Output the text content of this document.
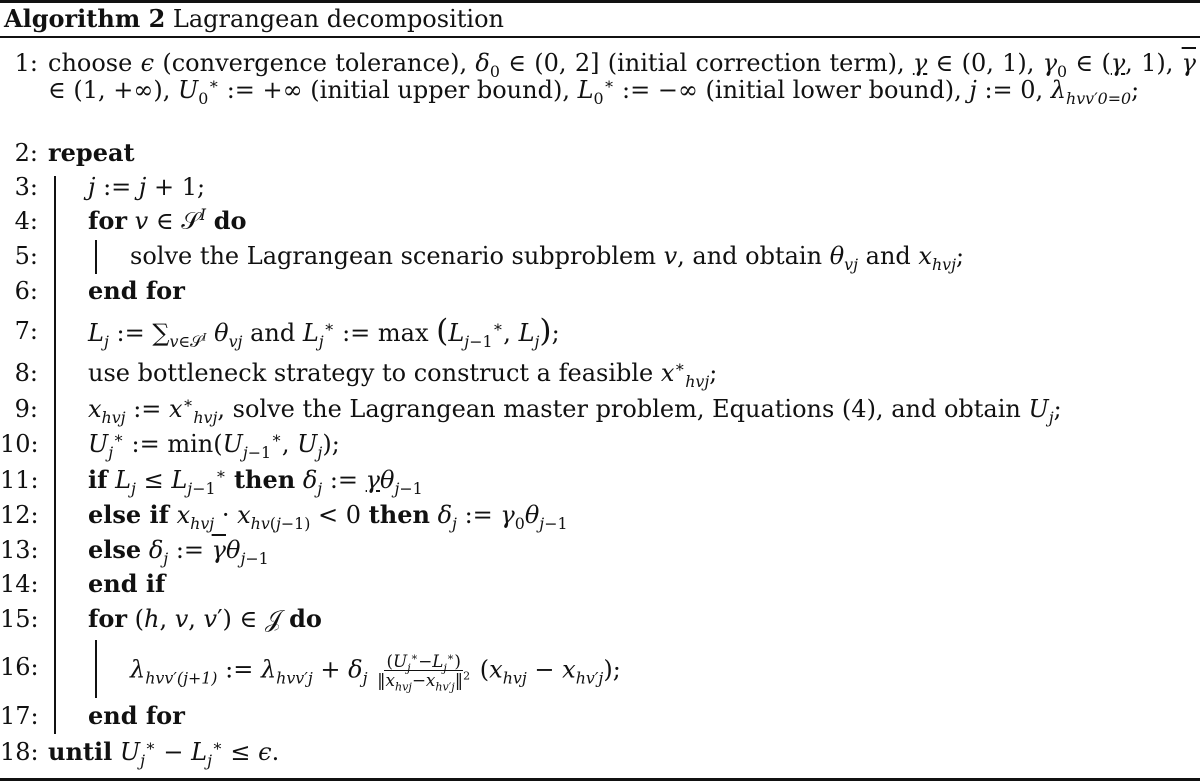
Algorithm 2 Lagrangean decomposition
1: choose ϵ (convergence tolerance), $\delta_0$ ∈ (0, 2] (initial correction term), γ ∈ (0, 1), $\gamma_0$ ∈ (γ, 1), $\overline{\gamma}$ ∈ (1, +∞), $U_0^∗$ := +∞ (initial upper bound), $L_0^∗$ := −∞ (initial lower bound), j := 0, $\lambda_{hvv'0=0}$;
2: repeat
3: j := j + 1;
4: for v ∈ 𝒮$^I$ do
5:	solve the Lagrangean scenario subproblem v, and obtain $\theta_{vj}$ and $x_{hvj}$;
6: end for
7: $L_j$ := $\sum_{v\in 𝒮^I}$ $\theta_{vj}$ and $L_j^∗$ := $\max (L_{j-1}^∗$, $L_j$);
8: use bottleneck strategy to construct a feasible $x^∗_{hvj}$;
9: $x_{hvj}$ := $x^∗_{hvj}$, solve the Lagrangean master problem, Equations (4), and obtain $U_j$;
10: $U_j^∗$ := $\min(U_{j-1}^∗$, $U_j$);
11: if $L_j \le L_{j-1}^∗$ then $\delta_j$ := $\gamma\theta_{j-1}$
12: else if $x_{hvj} \cdot x_{hv(j-1)} < 0$ then $\delta_j$ := $\gamma_0\theta_{j-1}$
13: else $\delta_j$ := $\overline{\gamma}\theta_{j-1}$
14: end if
15: for (h, v, v′) ∈ 𝒥 do
16:	$\lambda_{hvv'(j+1)}$ := $\lambda_{hvv'j} + \delta_j \frac{(U_j^∗-L_j^∗)}{‖x_{hvj}-x_{hv'j}‖^2} (x_{hvj} - x_{hv'j})$;
17: end for
18: until $U_j^∗ - L_j^∗ \le \epsilon$.
